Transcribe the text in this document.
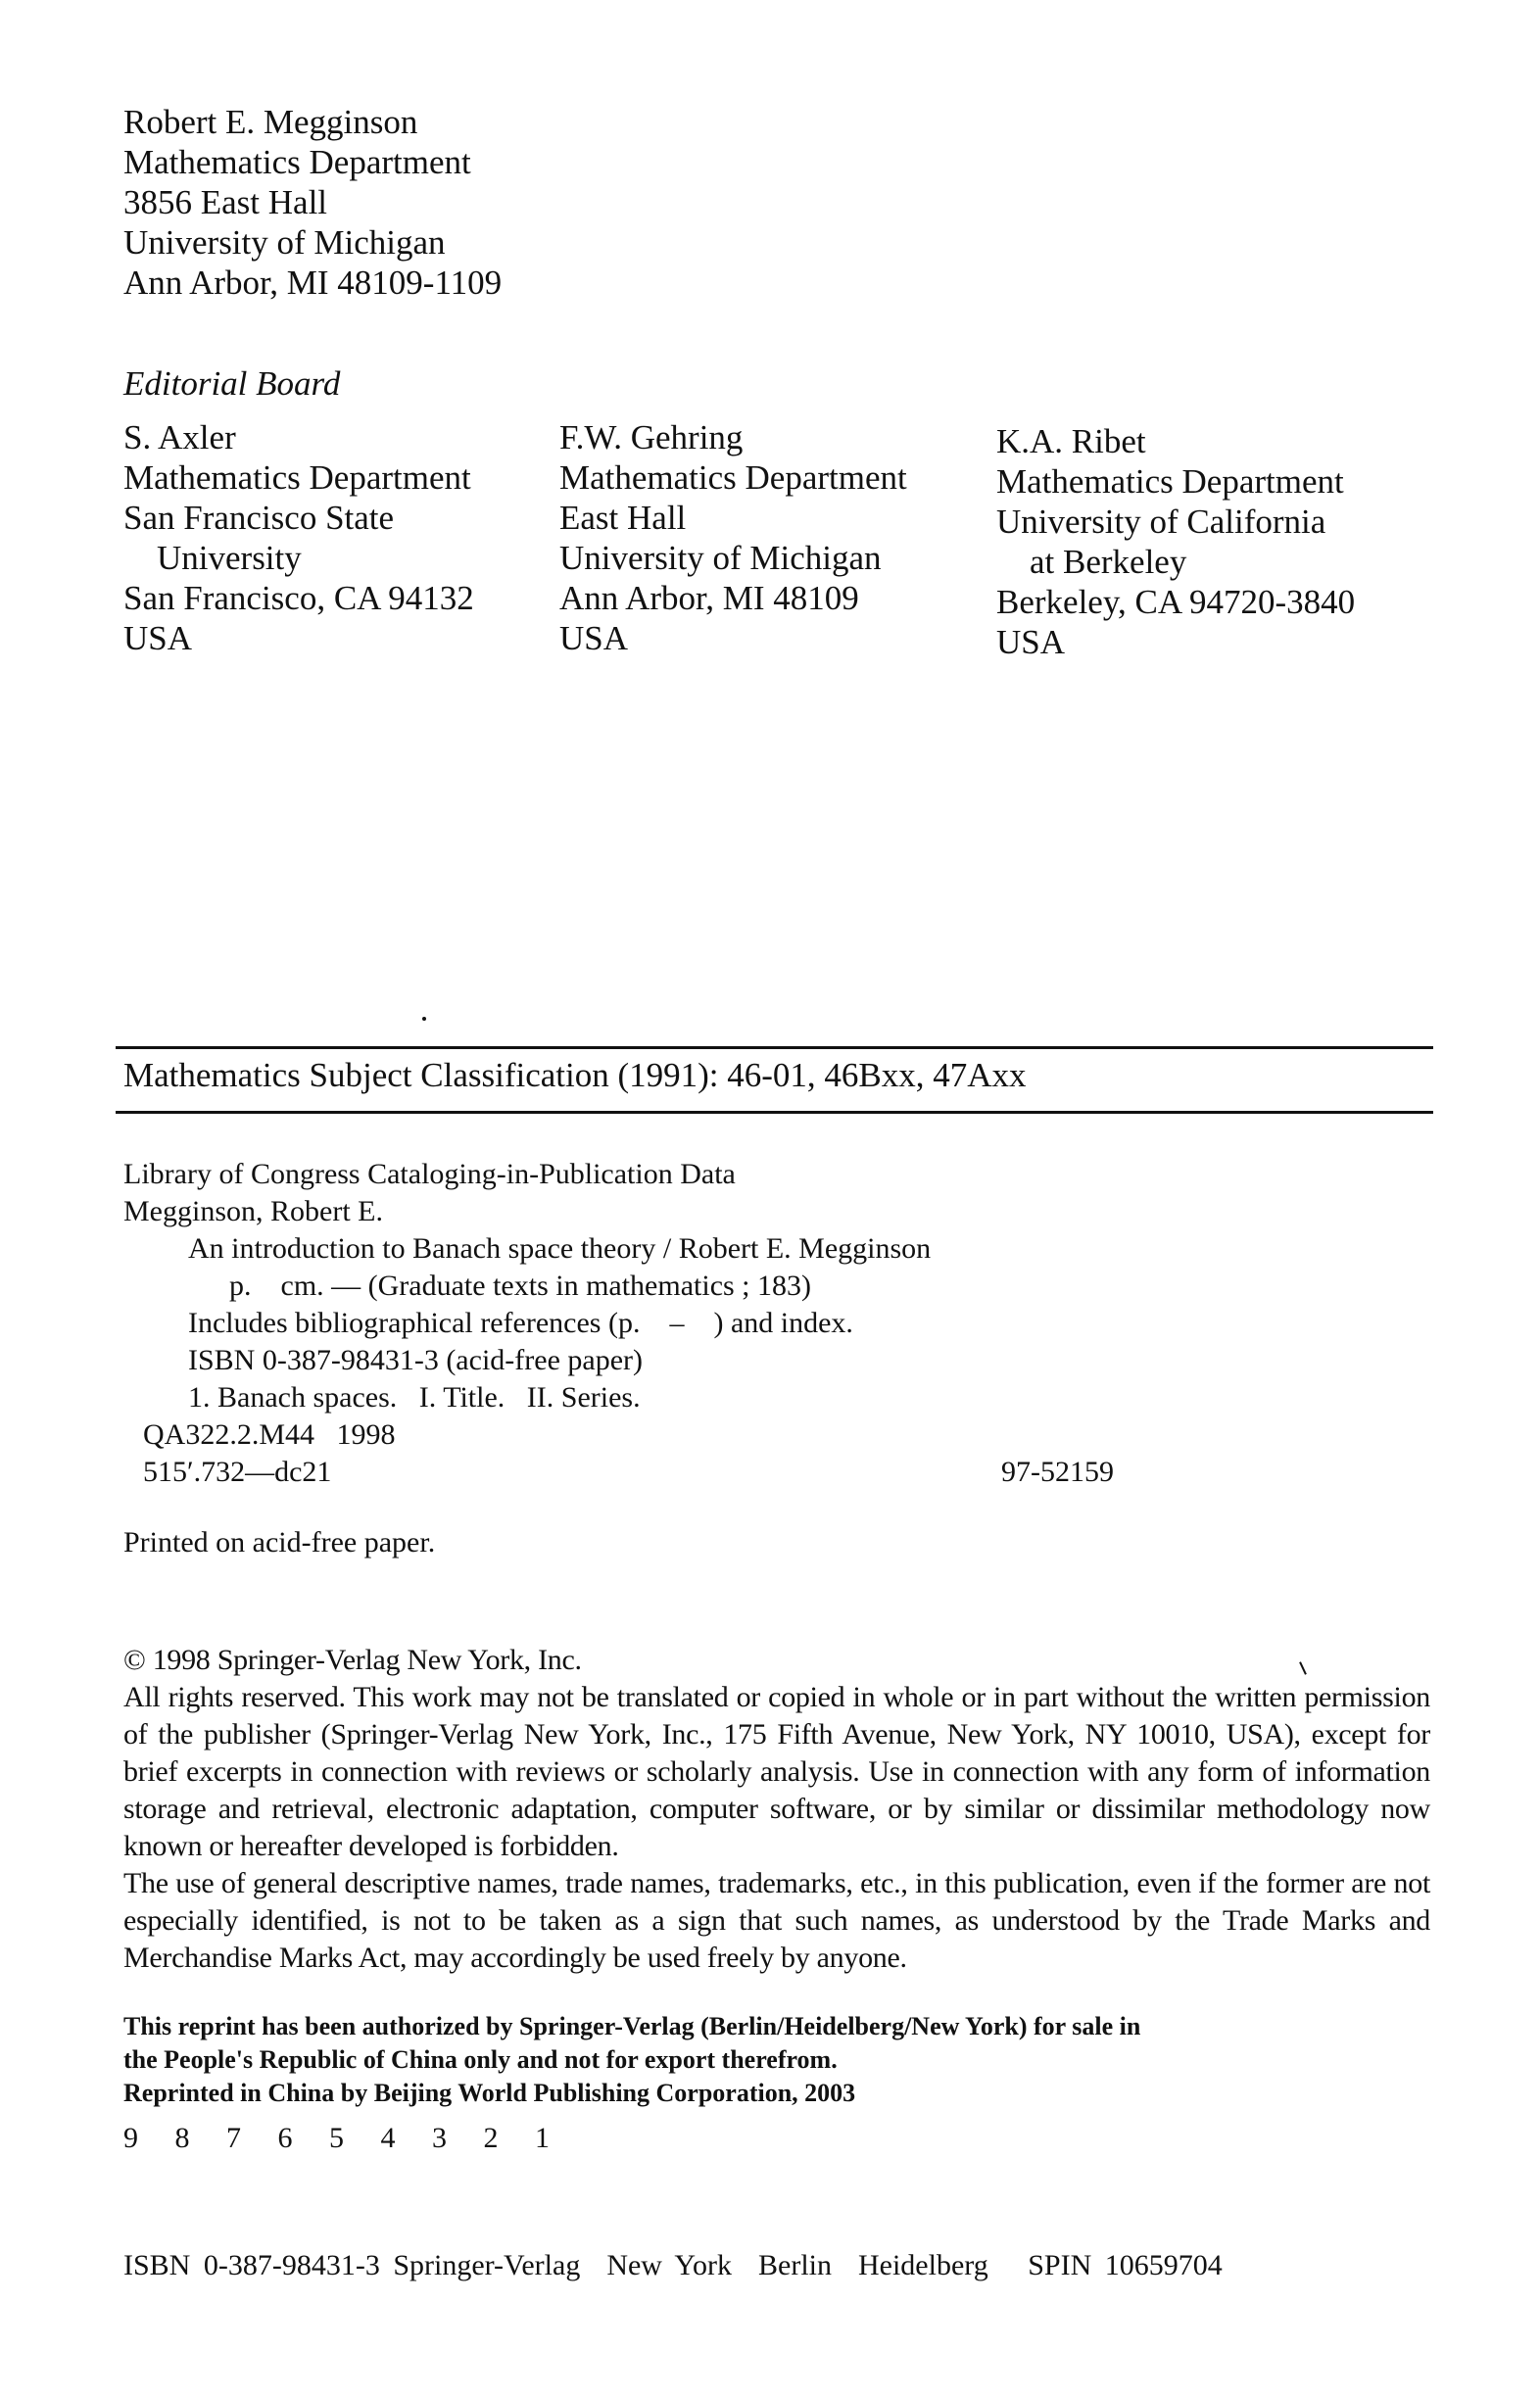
Robert E. Megginson
Mathematics Department
3856 East Hall
University of Michigan
Ann Arbor, MI 48109-1109
Editorial Board
S. Axler
Mathematics Department
San Francisco State
University
San Francisco, CA 94132
USA
F.W. Gehring
Mathematics Department
East Hall
University of Michigan
Ann Arbor, MI 48109
USA
K.A. Ribet
Mathematics Department
University of California
at Berkeley
Berkeley, CA 94720-3840
USA
Mathematics Subject Classification (1991): 46-01, 46Bxx, 47Axx
Library of Congress Cataloging-in-Publication Data
Megginson, Robert E.
An introduction to Banach space theory / Robert E. Megginson
p.    cm. — (Graduate texts in mathematics ; 183)
Includes bibliographical references (p.    –    ) and index.
ISBN 0-387-98431-3 (acid-free paper)
1. Banach spaces.   I. Title.   II. Series.
QA322.2.M44   1998
515′.732—dc21	97-52159
Printed on acid-free paper.
© 1998 Springer-Verlag New York, Inc.
All rights reserved. This work may not be translated or copied in whole or in part without the written permission of the publisher (Springer-Verlag New York, Inc., 175 Fifth Avenue, New York, NY 10010, USA), except for brief excerpts in connection with reviews or scholarly analysis. Use in connection with any form of information storage and retrieval, electronic adaptation, computer software, or by similar or dissimilar methodology now known or hereafter developed is forbidden.
The use of general descriptive names, trade names, trademarks, etc., in this publication, even if the former are not especially identified, is not to be taken as a sign that such names, as understood by the Trade Marks and Merchandise Marks Act, may accordingly be used freely by anyone.
This reprint has been authorized by Springer-Verlag (Berlin/Heidelberg/New York) for sale in
the People's Republic of China only and not for export therefrom.
Reprinted in China by Beijing World Publishing Corporation, 2003
9 8 7 6 5 4 3 2 1
ISBN 0-387-98431-3 Springer-Verlag  New York  Berlin  Heidelberg   SPIN 10659704
